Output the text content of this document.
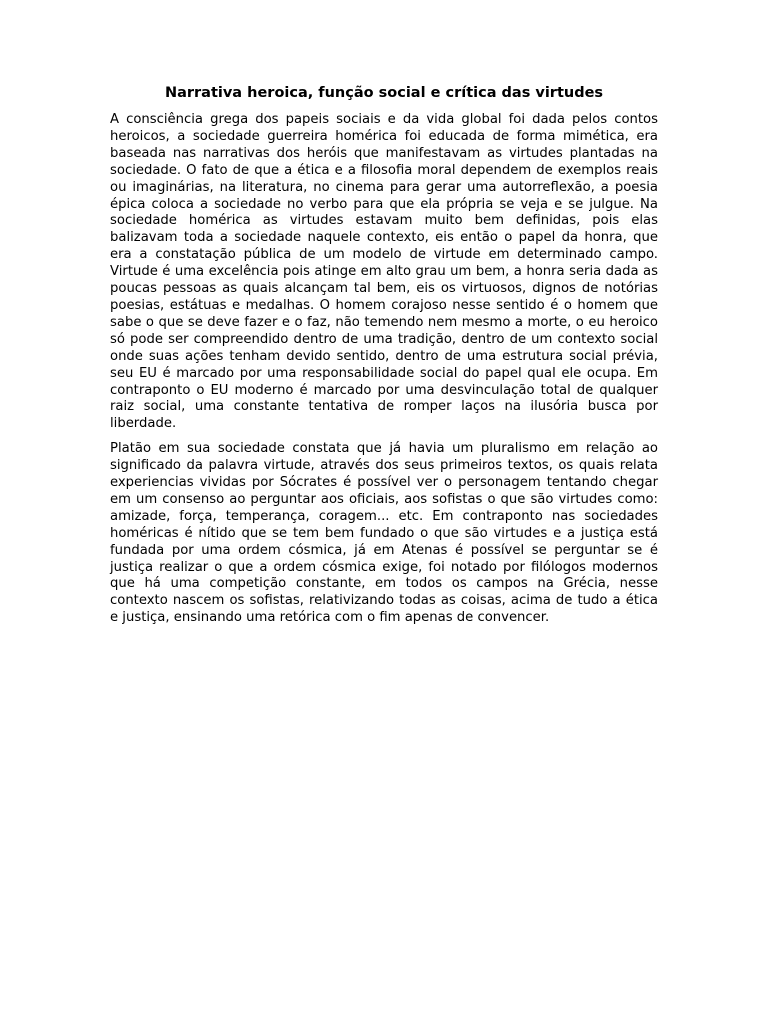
Narrativa heroica, função social e crítica das virtudes

A consciência grega dos papeis sociais e da vida global foi dada pelos contos heroicos, a sociedade guerreira homérica foi educada de forma mimética, era baseada nas narrativas dos heróis que manifestavam as virtudes plantadas na sociedade. O fato de que a ética e a filosofia moral dependem de exemplos reais ou imaginárias, na literatura, no cinema para gerar uma autorreflexão, a poesia épica coloca a sociedade no verbo para que ela própria se veja e se julgue. Na sociedade homérica as virtudes estavam muito bem definidas, pois elas balizavam toda a sociedade naquele contexto, eis então o papel da honra, que era a constatação pública de um modelo de virtude em determinado campo. Virtude é uma excelência pois atinge em alto grau um bem, a honra seria dada as poucas pessoas as quais alcançam tal bem, eis os virtuosos, dignos de notórias poesias, estátuas e medalhas. O homem corajoso nesse sentido é o homem que sabe o que se deve fazer e o faz, não temendo nem mesmo a morte, o eu heroico só pode ser compreendido dentro de uma tradição, dentro de um contexto social onde suas ações tenham devido sentido, dentro de uma estrutura social prévia, seu EU é marcado por uma responsabilidade social do papel qual ele ocupa. Em contraponto o EU moderno é marcado por uma desvinculação total de qualquer raiz social, uma constante tentativa de romper laços na ilusória busca por liberdade.

Platão em sua sociedade constata que já havia um pluralismo em relação ao significado da palavra virtude, através dos seus primeiros textos, os quais relata experiencias vividas por Sócrates é possível ver o personagem tentando chegar em um consenso ao perguntar aos oficiais, aos sofistas o que são virtudes como: amizade, força, temperança, coragem... etc. Em contraponto nas sociedades homéricas é nítido que se tem bem fundado o que são virtudes e a justiça está fundada por uma ordem cósmica, já em Atenas é possível se perguntar se é justiça realizar o que a ordem cósmica exige, foi notado por filólogos modernos que há uma competição constante, em todos os campos na Grécia, nesse contexto nascem os sofistas, relativizando todas as coisas, acima de tudo a ética e justiça, ensinando uma retórica com o fim apenas de convencer.
